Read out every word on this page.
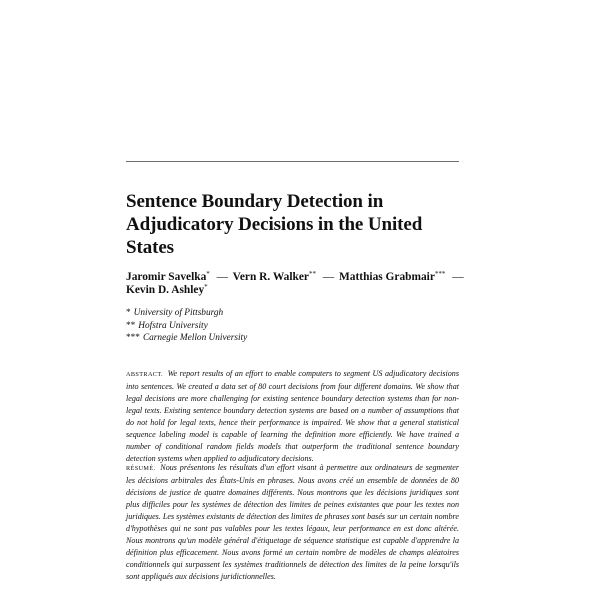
Sentence Boundary Detection in Adjudicatory Decisions in the United States
Jaromir Savelka* — Vern R. Walker** — Matthias Grabmair*** —
Kevin D. Ashley*
* University of Pittsburgh
** Hofstra University
*** Carnegie Mellon University

ABSTRACT. We report results of an effort to enable computers to segment US adjudicatory decisions into sentences. We created a data set of 80 court decisions from four different domains. We show that legal decisions are more challenging for existing sentence boundary detection systems than for non-legal texts. Existing sentence boundary detection systems are based on a number of assumptions that do not hold for legal texts, hence their performance is impaired. We show that a general statistical sequence labeling model is capable of learning the definition more efficiently. We have trained a number of conditional random fields models that outperform the traditional sentence boundary detection systems when applied to adjudicatory decisions.

RÉSUMÉ. Nous présentons les résultats d'un effort visant à permettre aux ordinateurs de segmenter les décisions arbitrales des États-Unis en phrases. Nous avons créé un ensemble de données de 80 décisions de justice de quatre domaines différents. Nous montrons que les décisions juridiques sont plus difficiles pour les systèmes de détection des limites de peines existantes que pour les textes non juridiques. Les systèmes existants de détection des limites de phrases sont basés sur un certain nombre d'hypothèses qui ne sont pas valables pour les textes légaux, leur performance en est donc altérée. Nous montrons qu'un modèle général d'étiquetage de séquence statistique est capable d'apprendre la définition plus efficacement. Nous avons formé un certain nombre de modèles de champs aléatoires conditionnels qui surpassent les systèmes traditionnels de détection des limites de la peine lorsqu'ils sont appliqués aux décisions juridictionnelles.
